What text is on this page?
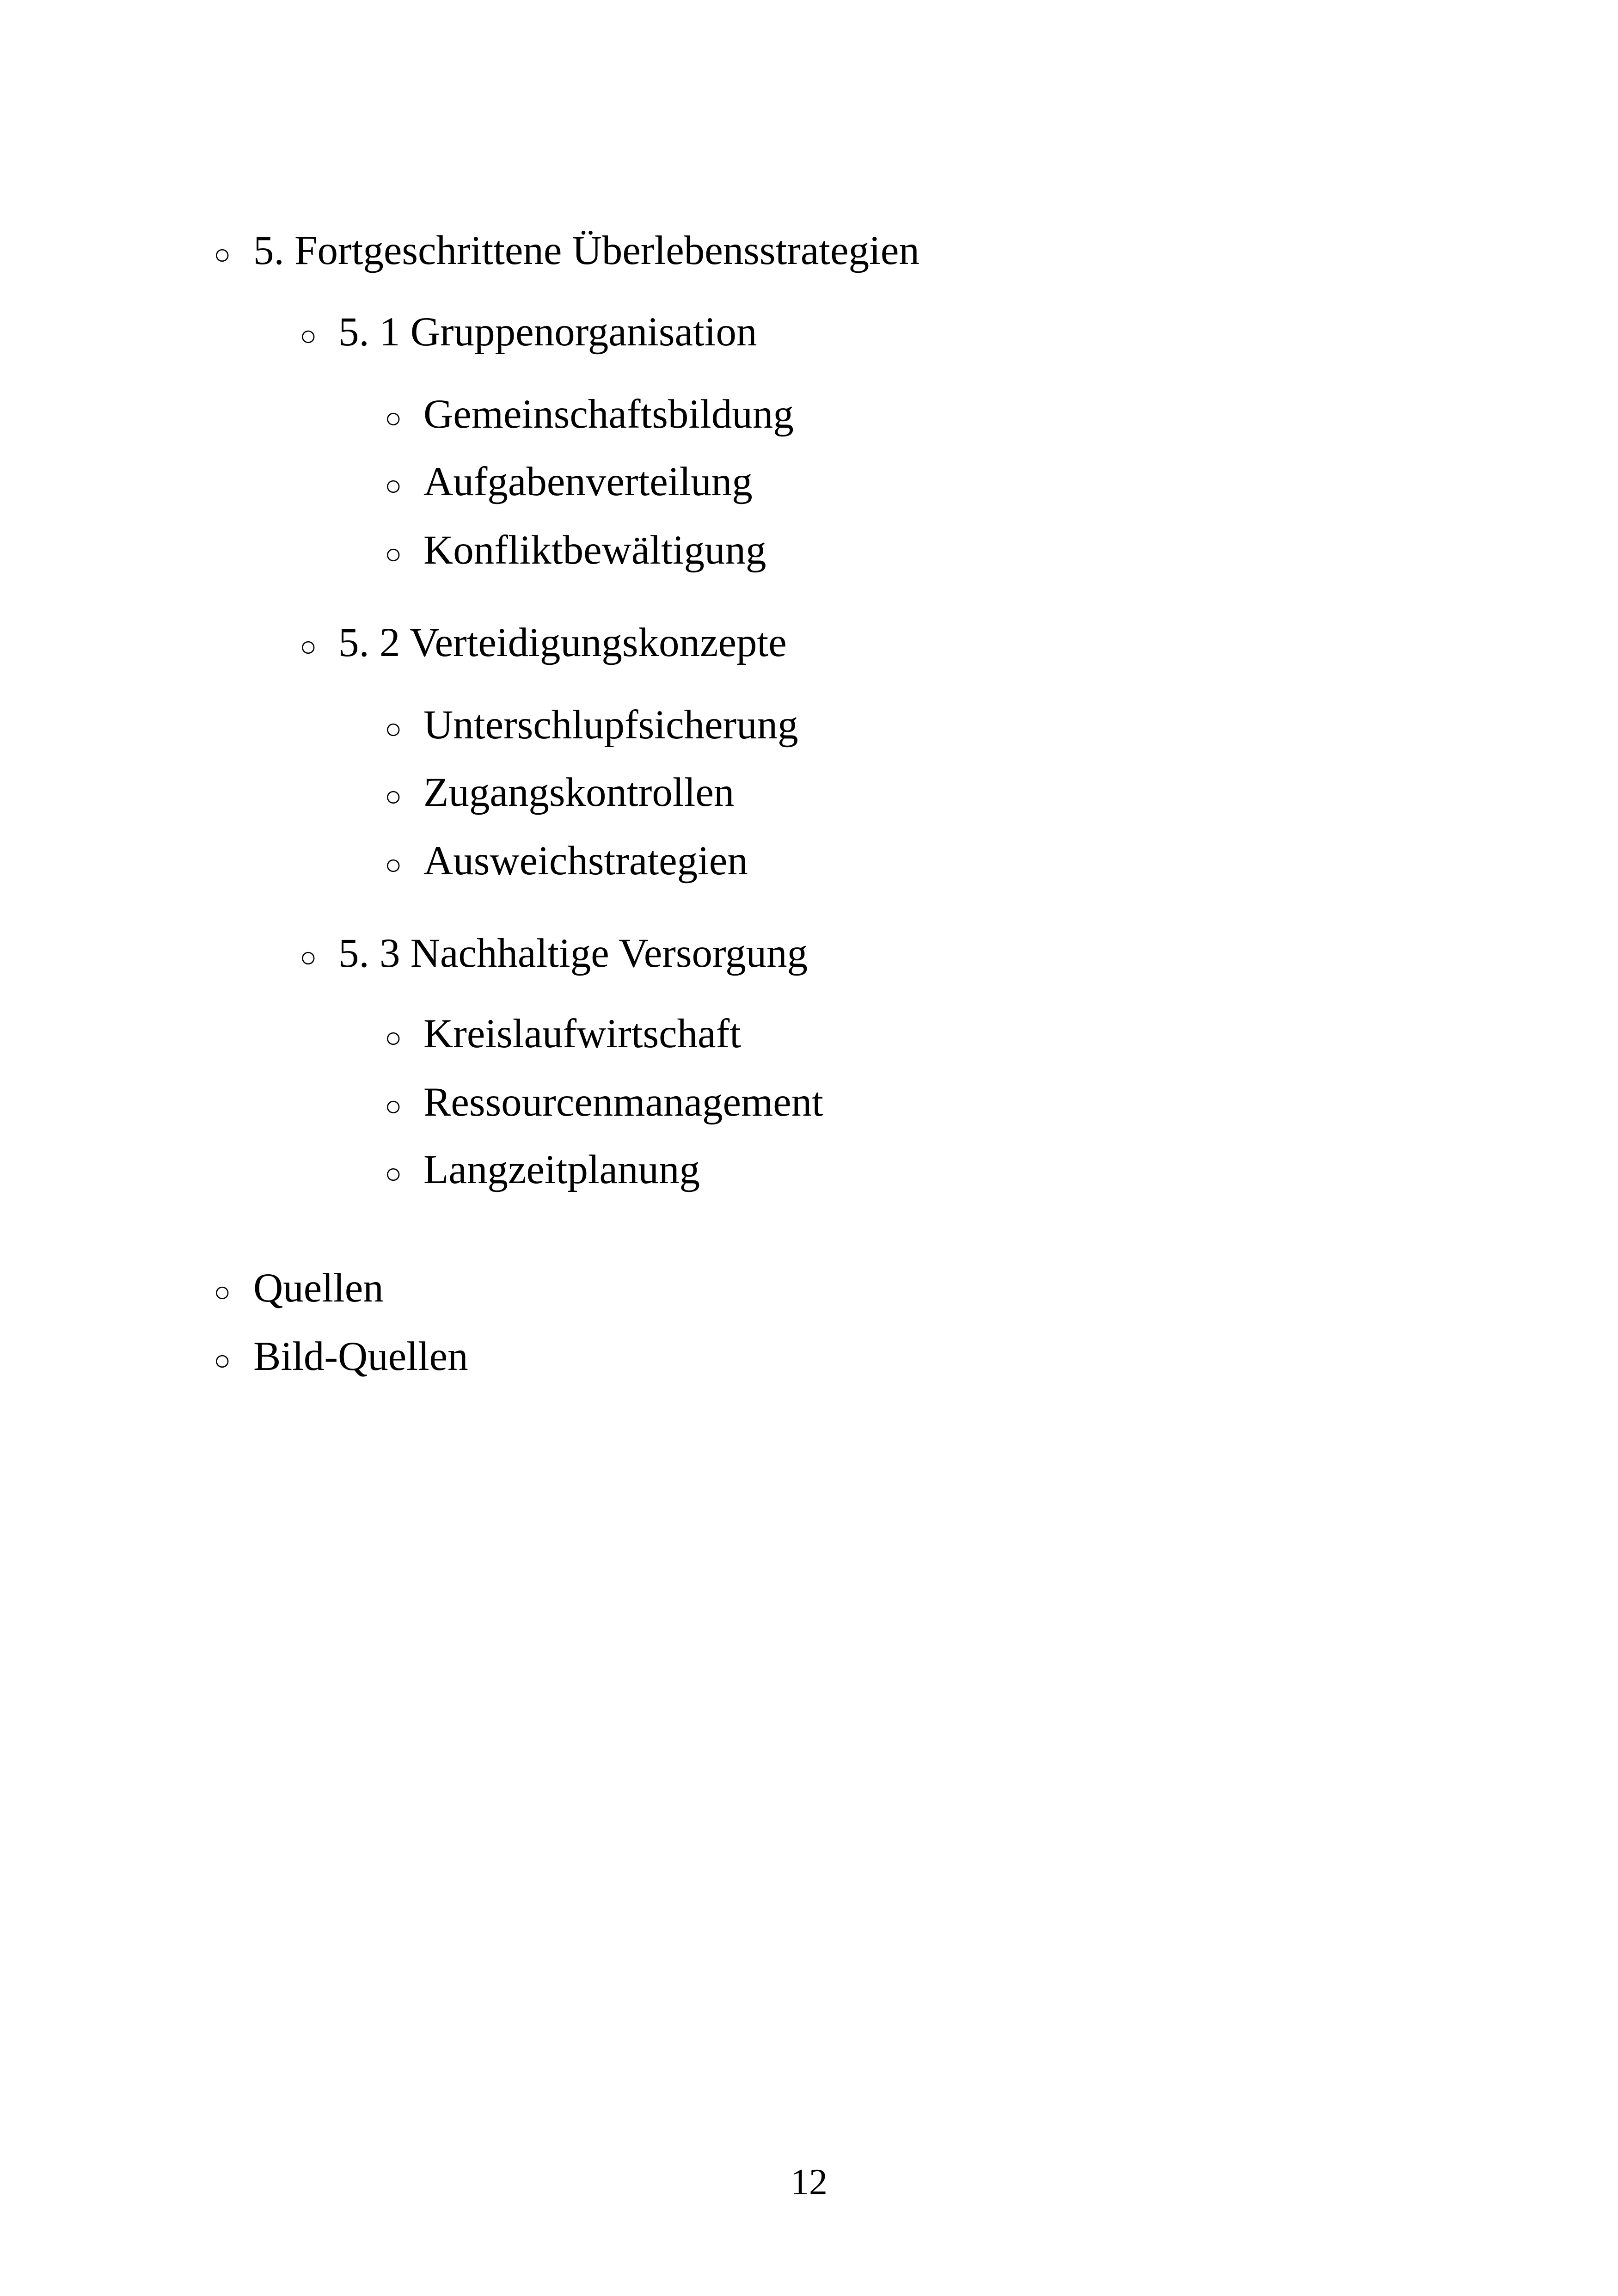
○ 5. Fortgeschrittene Überlebensstrategien
○ 5. 1 Gruppenorganisation
○ Gemeinschaftsbildung
○ Aufgabenverteilung
○ Konfliktbewältigung
○ 5. 2 Verteidigungskonzepte
○ Unterschlupfsicherung
○ Zugangskontrollen
○ Ausweichstrategien
○ 5. 3 Nachhaltige Versorgung
○ Kreislaufwirtschaft
○ Ressourcenmanagement
○ Langzeitplanung
○ Quellen
○ Bild-Quellen
12
